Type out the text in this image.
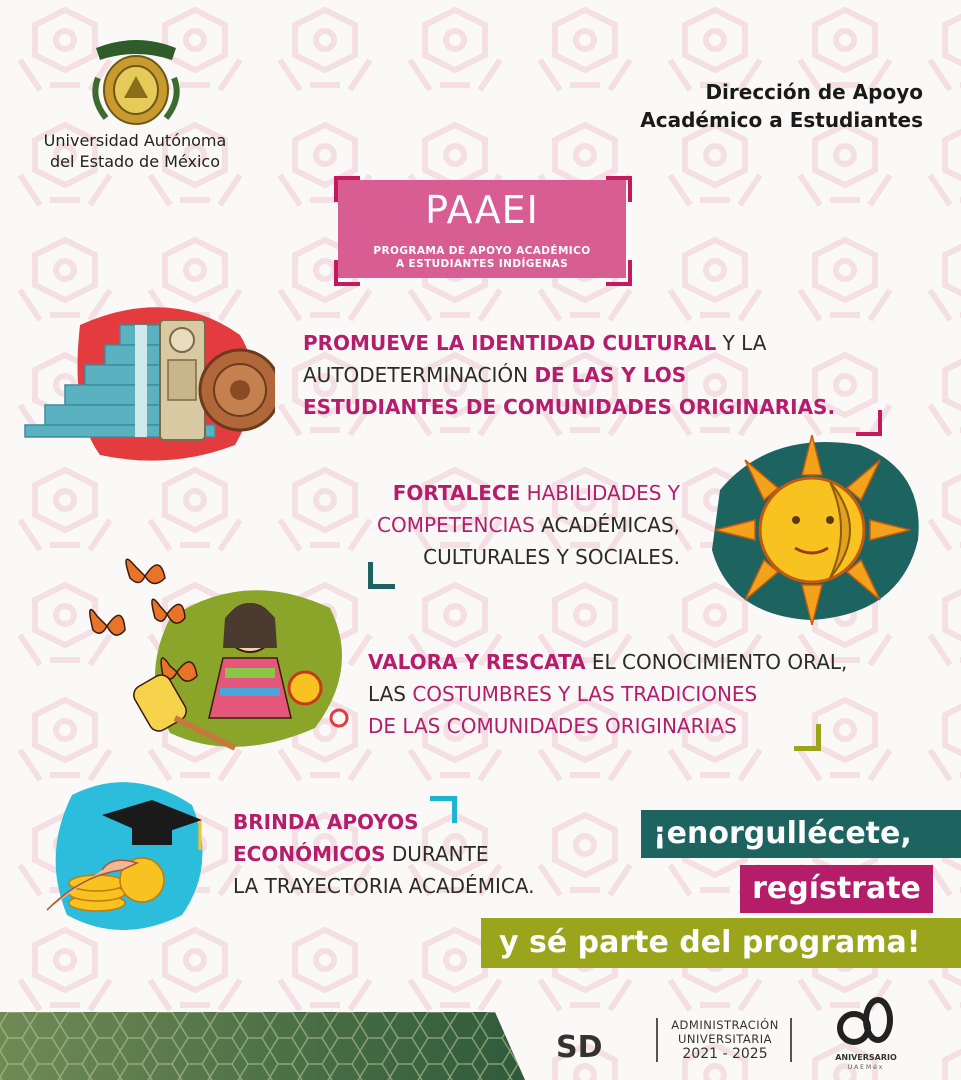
Universidad Autónoma
del Estado de México
Dirección de Apoyo
Académico a Estudiantes
PAAEI
PROGRAMA DE APOYO ACADÉMICO
A ESTUDIANTES INDÍGENAS
PROMUEVE LA IDENTIDAD CULTURAL Y LA
AUTODETERMINACIÓN DE LAS Y LOS
ESTUDIANTES DE COMUNIDADES ORIGINARIAS.
FORTALECE HABILIDADES Y
COMPETENCIAS ACADÉMICAS,
CULTURALES Y SOCIALES.
VALORA Y RESCATA EL CONOCIMIENTO ORAL,
LAS COSTUMBRES Y LAS TRADICIONES
DE LAS COMUNIDADES ORIGINARIAS
BRINDA APOYOS
ECONÓMICOS DURANTE
LA TRAYECTORIA ACADÉMICA.
¡enorgullécete,
regístrate
y sé parte del programa!
SD
ADMINISTRACIÓN
UNIVERSITARIA
2021 - 2025	ANIVERSARIO
UAEMéx
